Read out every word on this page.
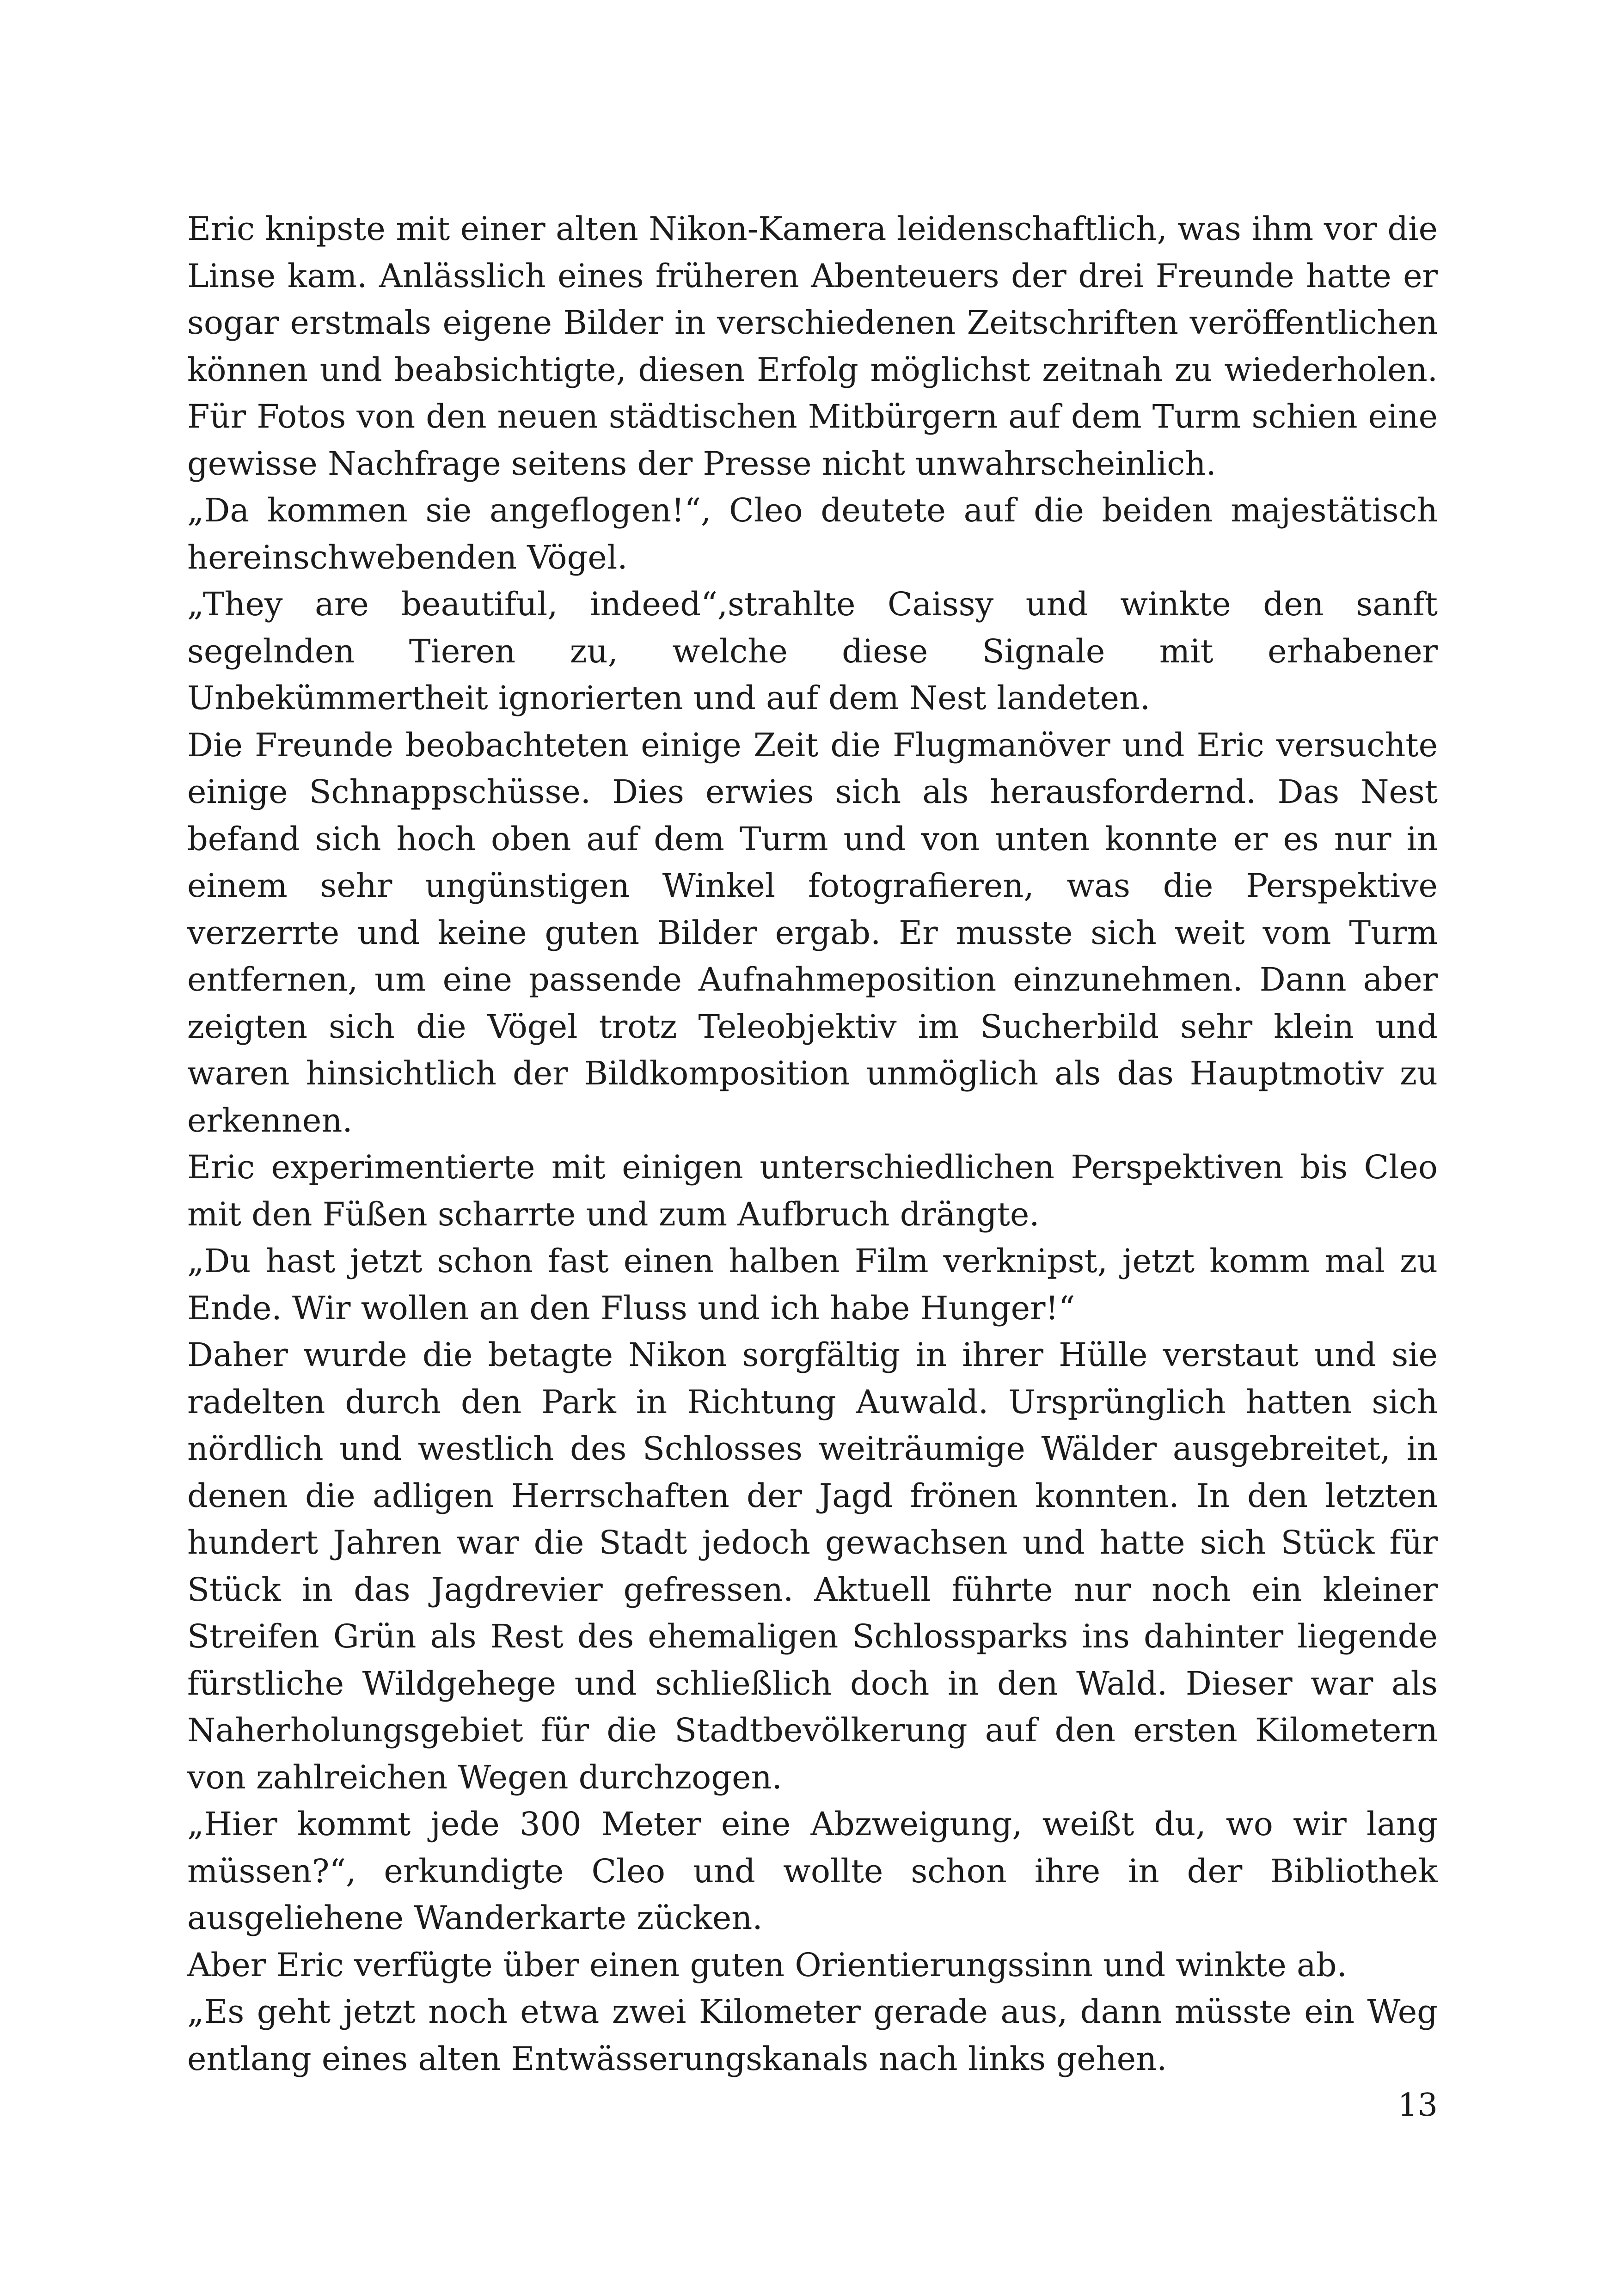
Eric knipste mit einer alten Nikon-Kamera leidenschaftlich, was ihm vor die Linse kam. Anlässlich eines früheren Abenteuers der drei Freunde hatte er sogar erstmals eigene Bilder in verschiedenen Zeitschriften veröffentlichen können und beabsichtigte, diesen Erfolg möglichst zeitnah zu wiederholen. Für Fotos von den neuen städtischen Mitbürgern auf dem Turm schien eine gewisse Nachfrage seitens der Presse nicht unwahrscheinlich.

„Da kommen sie angeflogen!“, Cleo deutete auf die beiden majestätisch hereinschwebenden Vögel.

„They are beautiful, indeed“,strahlte Caissy und winkte den sanft segelnden Tieren zu, welche diese Signale mit erhabener Unbekümmertheit ignorierten und auf dem Nest landeten.

Die Freunde beobachteten einige Zeit die Flugmanöver und Eric versuchte einige Schnappschüsse. Dies erwies sich als herausfordernd. Das Nest befand sich hoch oben auf dem Turm und von unten konnte er es nur in einem sehr ungünstigen Winkel fotografieren, was die Perspektive verzerrte und keine guten Bilder ergab. Er musste sich weit vom Turm entfernen, um eine passende Aufnahmeposition einzunehmen. Dann aber zeigten sich die Vögel trotz Teleobjektiv im Sucherbild sehr klein und waren hinsichtlich der Bildkomposition unmöglich als das Hauptmotiv zu erkennen.

Eric experimentierte mit einigen unterschiedlichen Perspektiven bis Cleo mit den Füßen scharrte und zum Aufbruch drängte.

„Du hast jetzt schon fast einen halben Film verknipst, jetzt komm mal zu Ende. Wir wollen an den Fluss und ich habe Hunger!“

Daher wurde die betagte Nikon sorgfältig in ihrer Hülle verstaut und sie radelten durch den Park in Richtung Auwald. Ursprünglich hatten sich nördlich und westlich des Schlosses weiträumige Wälder ausgebreitet, in denen die adligen Herrschaften der Jagd frönen konnten. In den letzten hundert Jahren war die Stadt jedoch gewachsen und hatte sich Stück für Stück in das Jagdrevier gefressen. Aktuell führte nur noch ein kleiner Streifen Grün als Rest des ehemaligen Schlossparks ins dahinter liegende fürstliche Wildgehege und schließlich doch in den Wald. Dieser war als Naherholungsgebiet für die Stadtbevölkerung auf den ersten Kilometern von zahlreichen Wegen durchzogen.

„Hier kommt jede 300 Meter eine Abzweigung, weißt du, wo wir lang müssen?“, erkundigte Cleo und wollte schon ihre in der Bibliothek ausgeliehene Wanderkarte zücken.

Aber Eric verfügte über einen guten Orientierungssinn und winkte ab.

„Es geht jetzt noch etwa zwei Kilometer gerade aus, dann müsste ein Weg entlang eines alten Entwässerungskanals nach links gehen.

13
